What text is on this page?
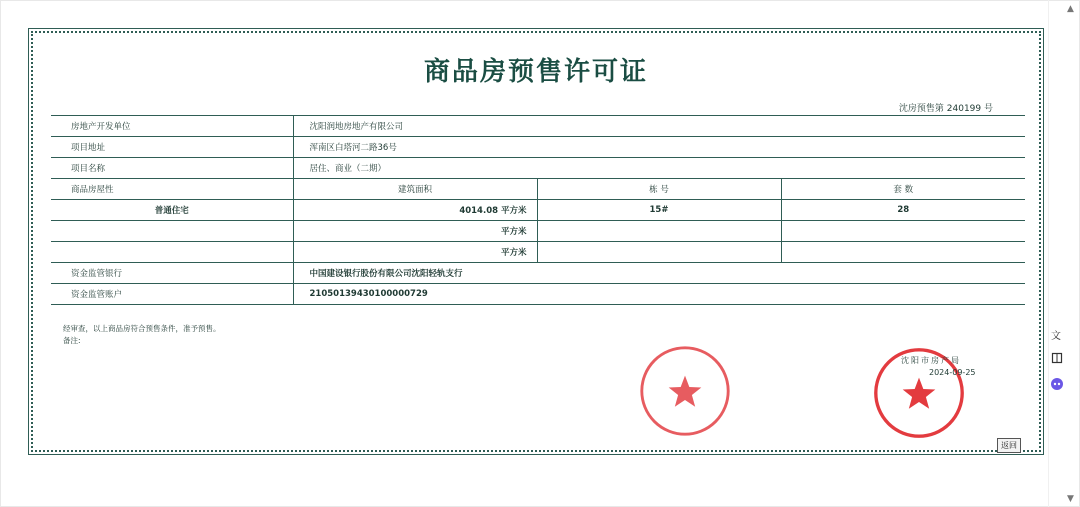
商品房预售许可证
沈房预售第 240199 号
房地产开发单位	沈阳润地房地产有限公司		
项目地址	浑南区白塔河二路36号		
项目名称	居住、商业（二期）		
商品房屋性	建筑面积	栋 号	套 数
普通住宅	4014.08 平方米	15#	28
	平方米		
	平方米		
资金监管银行	中国建设银行股份有限公司沈阳轻轨支行		
资金监管账户	21050139430100000729		
经审查，以上商品房符合预售条件，准予预售。
备注:
沈阳市房产局
2024-09-25
返回
▲
▼
文
